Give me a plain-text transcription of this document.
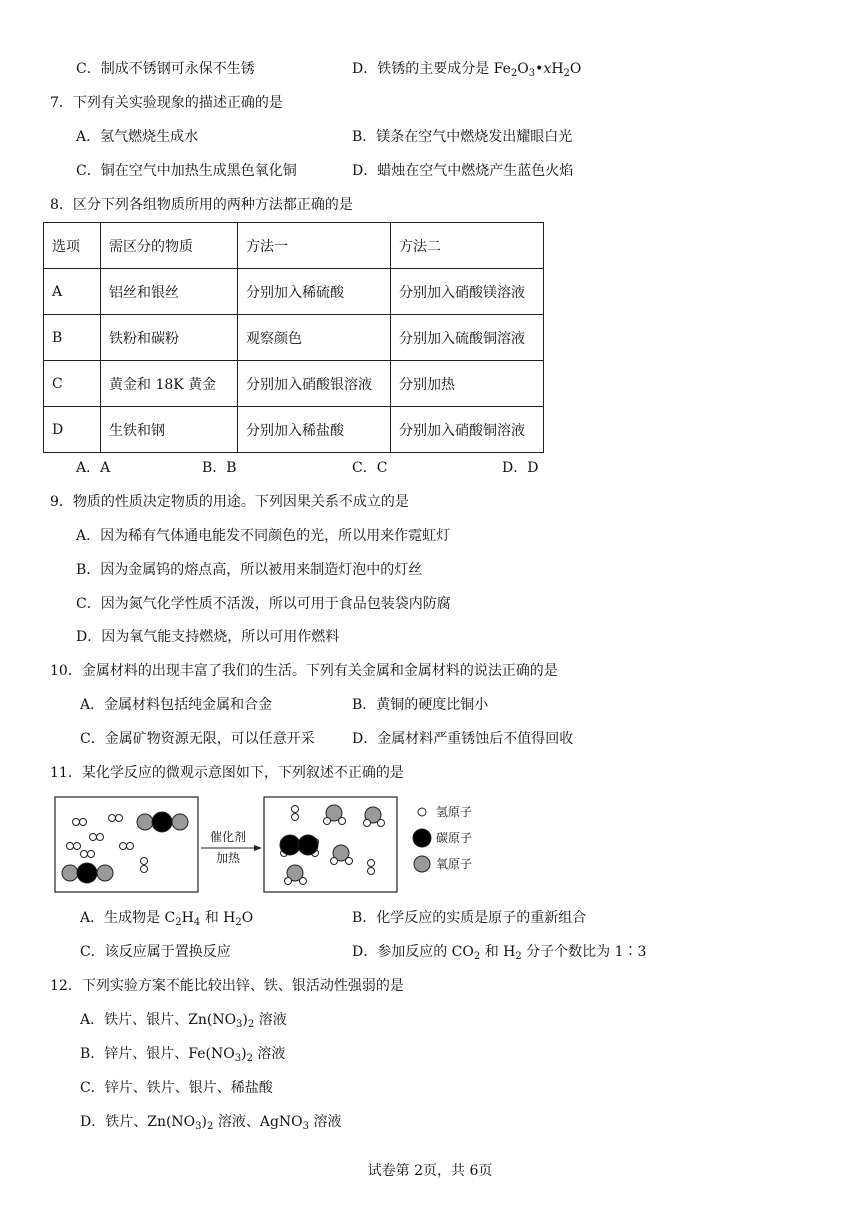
C．制成不锈钢可永保不生锈	D．铁锈的主要成分是 $Fe_2O_3•xH_2O$
7．下列有关实验现象的描述正确的是
A．氢气燃烧生成水	B．镁条在空气中燃烧发出耀眼白光
C．铜在空气中加热生成黑色氧化铜	D．蜡烛在空气中燃烧产生蓝色火焰
8．区分下列各组物质所用的两种方法都正确的是
选项	需区分的物质	方法一	方法二
A	铝丝和银丝	分别加入稀硫酸	分别加入硝酸镁溶液
B	铁粉和碳粉	观察颜色	分别加入硫酸铜溶液
C	黄金和 18K 黄金	分别加入硝酸银溶液	分别加热
D	生铁和钢	分别加入稀盐酸	分别加入硝酸铜溶液
A．A	B．B	C．C	D．D
9．物质的性质决定物质的用途。下列因果关系不成立的是
A．因为稀有气体通电能发不同颜色的光，所以用来作霓虹灯
B．因为金属钨的熔点高，所以被用来制造灯泡中的灯丝
C．因为氮气化学性质不活泼，所以可用于食品包装袋内防腐
D．因为氧气能支持燃烧，所以可用作燃料
10．金属材料的出现丰富了我们的生活。下列有关金属和金属材料的说法正确的是
A．金属材料包括纯金属和合金	B．黄铜的硬度比铜小
C．金属矿物资源无限，可以任意开采	D．金属材料严重锈蚀后不值得回收
11．某化学反应的微观示意图如下，下列叙述不正确的是
催化剂
加热
氢原子
碳原子
氧原子
A．生成物是 $C_2H_4$ 和 $H_2O$	B．化学反应的实质是原子的重新组合
C．该反应属于置换反应	D．参加反应的 $CO_2$ 和 $H_2$ 分子个数比为 1∶3
12．下列实验方案不能比较出锌、铁、银活动性强弱的是
A．铁片、银片、$Zn(NO_3)_2$ 溶液
B．锌片、银片、$Fe(NO_3)_2$ 溶液
C．锌片、铁片、银片、稀盐酸
D．铁片、$Zn(NO_3)_2$ 溶液、AgNO$_3$ 溶液
试卷第 2页，共 6页
